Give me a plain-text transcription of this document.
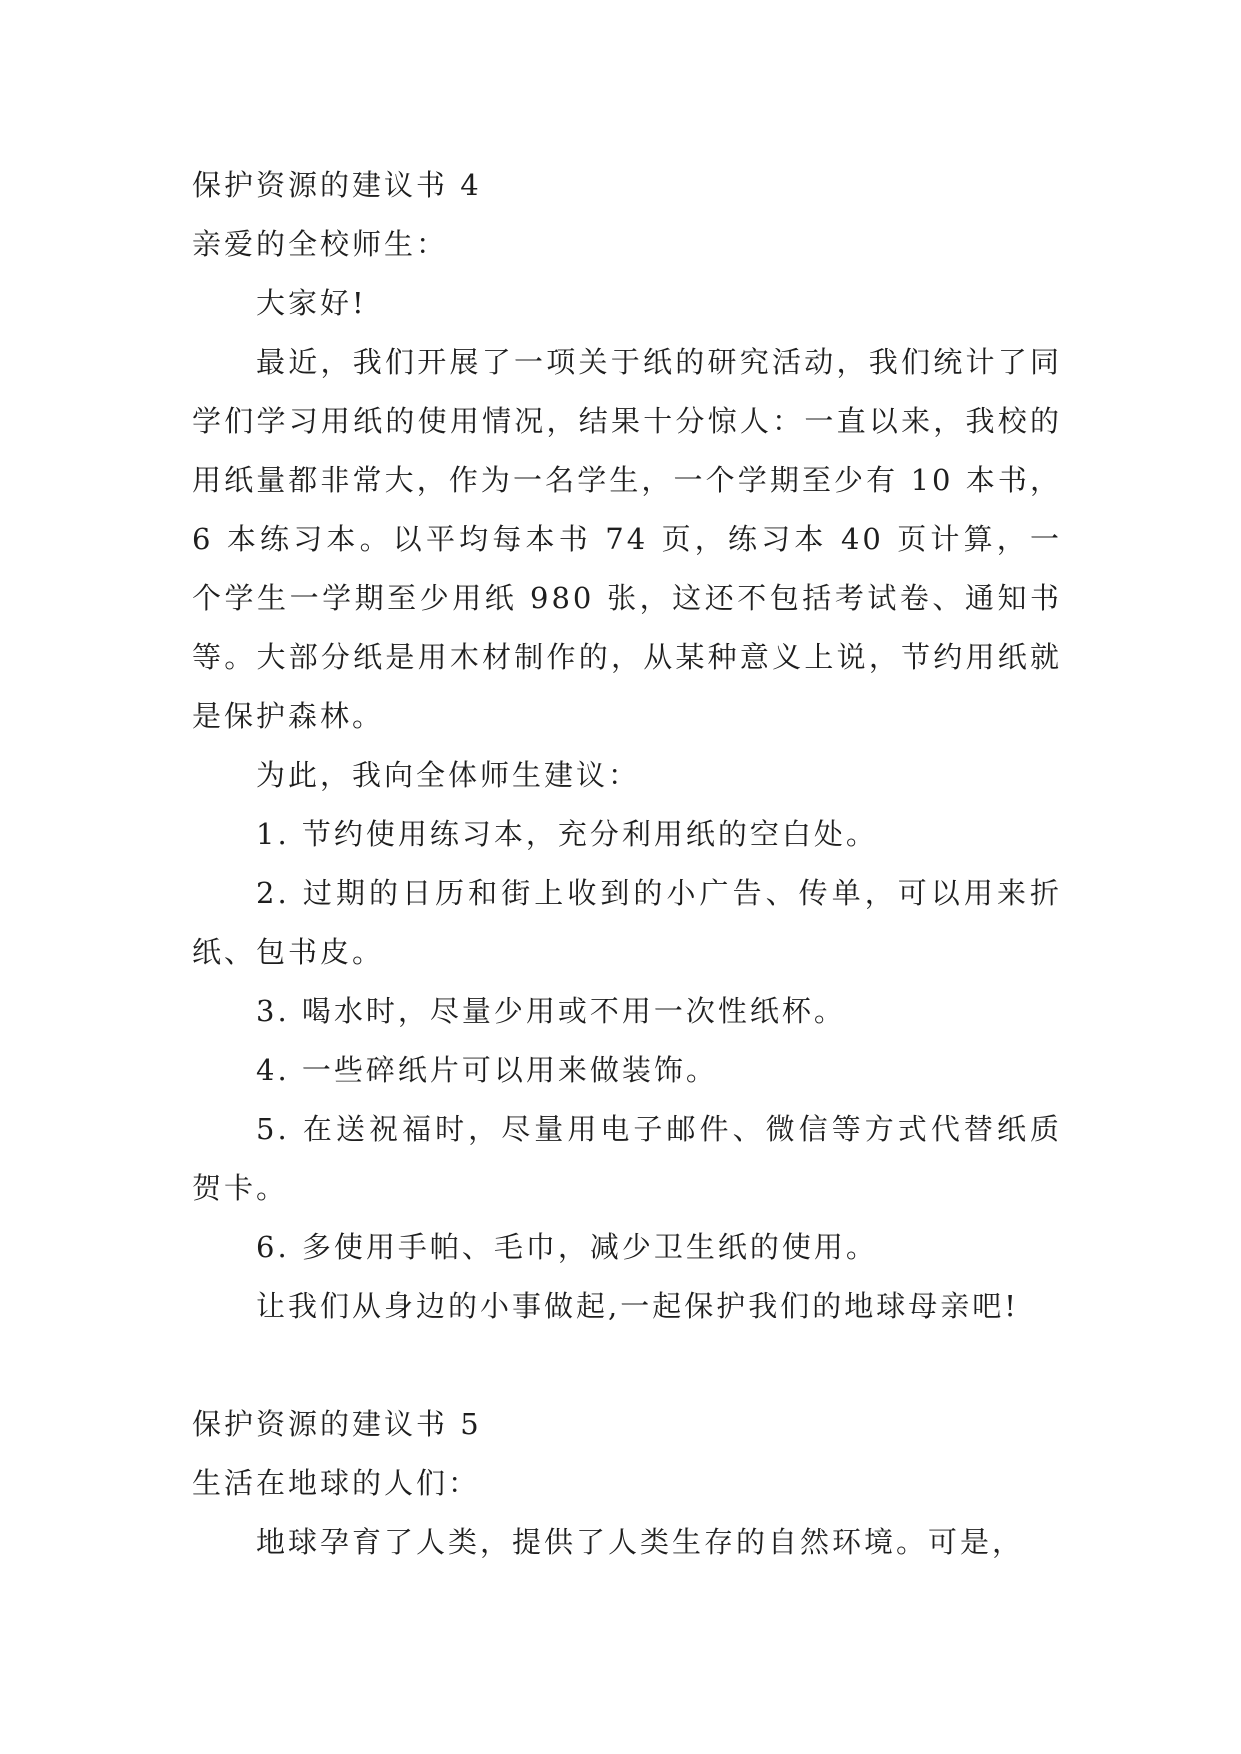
保护资源的建议书 4
亲爱的全校师生：
大家好!
最近，我们开展了一项关于纸的研究活动，我们统计了同学们学习用纸的使用情况，结果十分惊人：一直以来，我校的用纸量都非常大，作为一名学生，一个学期至少有 10 本书，6 本练习本。以平均每本书 74 页，练习本 40 页计算，一个学生一学期至少用纸 980 张，这还不包括考试卷、通知书等。大部分纸是用木材制作的，从某种意义上说，节约用纸就是保护森林。
为此，我向全体师生建议：
1. 节约使用练习本，充分利用纸的空白处。
2. 过期的日历和街上收到的小广告、传单，可以用来折纸、包书皮。
3. 喝水时，尽量少用或不用一次性纸杯。
4. 一些碎纸片可以用来做装饰。
5. 在送祝福时，尽量用电子邮件、微信等方式代替纸质贺卡。
6. 多使用手帕、毛巾，减少卫生纸的使用。
让我们从身边的小事做起,一起保护我们的地球母亲吧!
保护资源的建议书 5
生活在地球的人们：
地球孕育了人类，提供了人类生存的自然环境。可是，
